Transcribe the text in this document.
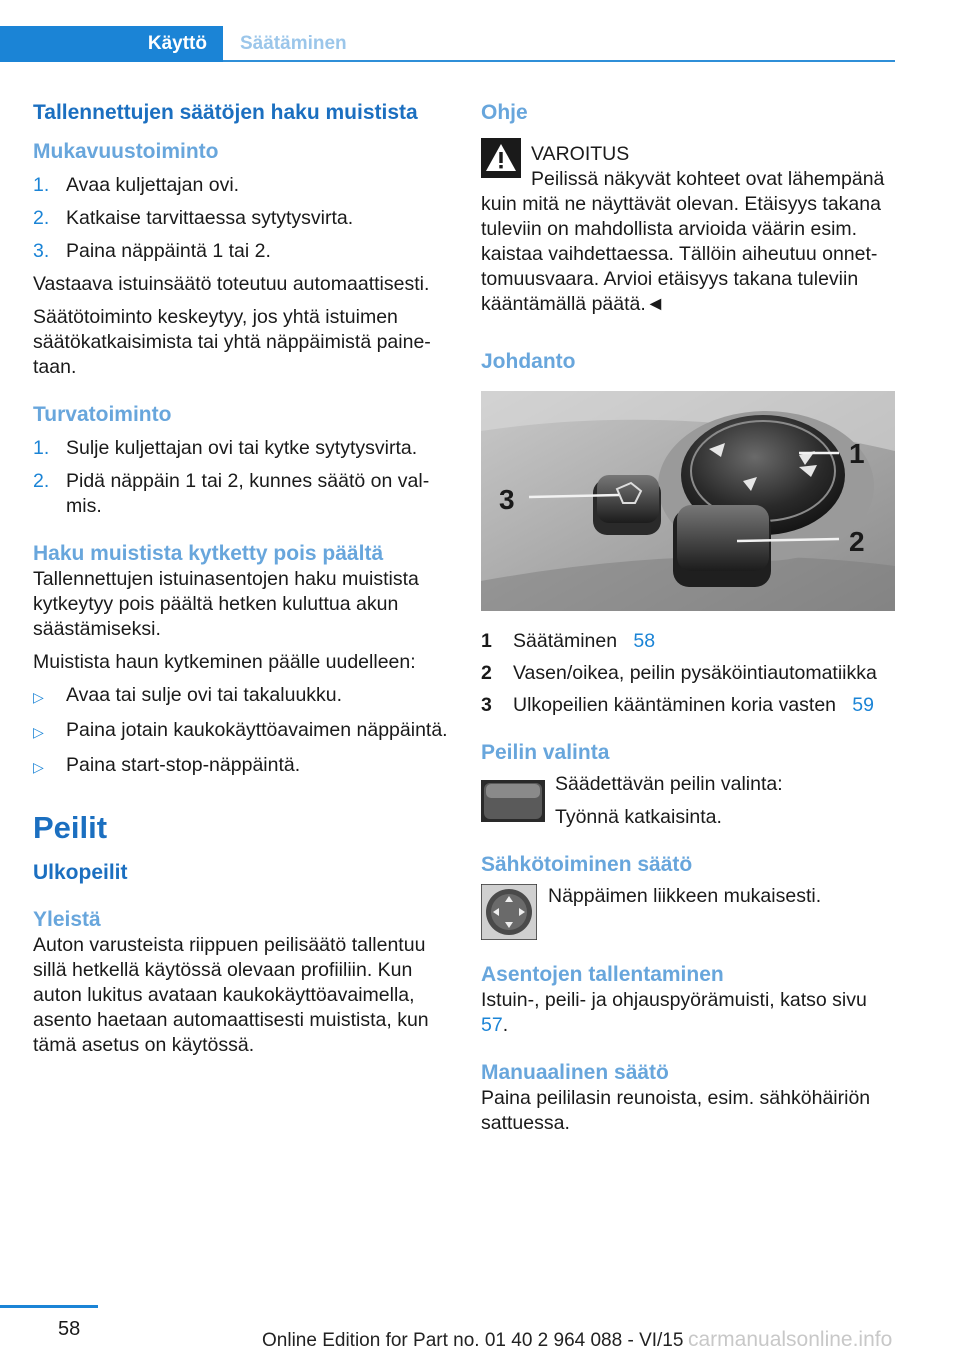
Käyttö	Säätäminen
Tallennettujen säätöjen haku muistista
Mukavuustoiminto
1. Avaa kuljettajan ovi.
2. Katkaise tarvittaessa sytytysvirta.
3. Paina näppäintä 1 tai 2.

Vastaava istuinsäätö toteutuu automaattisesti.

Säätötoiminto keskeytyy, jos yhtä istuimen säätökatkaisimista tai yhtä näppäimistä painetaan.

Turvatoiminto
1. Sulje kuljettajan ovi tai kytke sytytysvirta.
2. Pidä näppäin 1 tai 2, kunnes säätö on valmis.
Haku muistista kytketty pois päältä

Tallennettujen istuinasentojen haku muistista kytkeytyy pois päältä hetken kuluttua akun säästämiseksi.

Muistista haun kytkeminen päälle uudelleen:

▷	Avaa tai sulje ovi tai takaluukku.
▷	Paina jotain kaukokäyttöavaimen näppäintä.
▷	Paina start-stop-näppäintä.
Peilit
Ulkopeilit
Yleistä

Auton varusteista riippuen peilisäätö tallentuu sillä hetkellä käytössä olevaan profiiliin. Kun auton lukitus avataan kaukokäyttöavaimella, asento haetaan automaattisesti muistista, kun tämä asetus on käytössä.

Ohje
VAROITUS
Peilissä näkyvät kohteet ovat lähempänä

kuin mitä ne näyttävät olevan. Etäisyys takana tuleviin on mahdollista arvioida väärin esim. kaistaa vaihdettaessa. Tällöin aiheutuu onnettomuusvaara. Arvioi etäisyys takana tuleviin kääntämällä päätä.◄

Johdanto
1
2
3
1	Säätäminen 58
2	Vasen/oikea, peilin pysäköintiautomatiikka
3	Ulkopeilien kääntäminen koria vasten 59
Peilin valinta
Säädettävän peilin valinta:
Työnnä katkaisinta.
Sähkötoiminen säätö
Näppäimen liikkeen mukaisesti.
Asentojen tallentaminen

Istuin-, peili- ja ohjauspyörämuisti, katso sivu 57.

Manuaalinen säätö

Paina peililasin reunoista, esim. sähköhäiriön sattuessa.

58
Online Edition for Part no. 01 40 2 964 088 - VI/15 carmanualsonline.info
